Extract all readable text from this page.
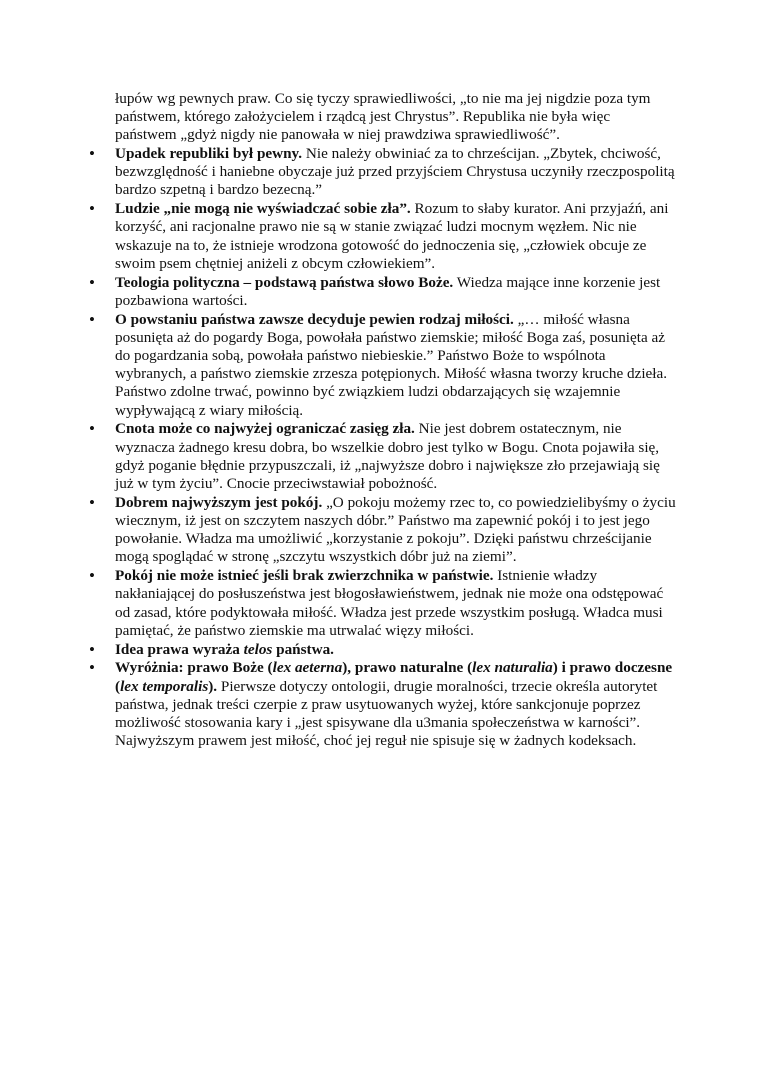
łupów wg pewnych praw. Co się tyczy sprawiedliwości, „to nie ma jej nigdzie poza tym państwem, którego założycielem i rządcą jest Chrystus”. Republika nie była więc państwem „gdyż nigdy nie panowała w niej prawdziwa sprawiedliwość”.

• Upadek republiki był pewny. Nie należy obwiniać za to chrześcijan. „Zbytek, chciwość, bezwzględność i haniebne obyczaje już przed przyjściem Chrystusa uczyniły rzeczpospolitą bardzo szpetną i bardzo bezecną.”
• Ludzie „nie mogą nie wyświadczać sobie zła”. Rozum to słaby kurator. Ani przyjaźń, ani korzyść, ani racjonalne prawo nie są w stanie związać ludzi mocnym węzłem. Nic nie wskazuje na to, że istnieje wrodzona gotowość do jednoczenia się, „człowiek obcuje ze swoim psem chętniej aniżeli z obcym człowiekiem”.
• Teologia polityczna – podstawą państwa słowo Boże. Wiedza mające inne korzenie jest pozbawiona wartości.
• O powstaniu państwa zawsze decyduje pewien rodzaj miłości. „… miłość własna posunięta aż do pogardy Boga, powołała państwo ziemskie; miłość Boga zaś, posunięta aż do pogardzania sobą, powołała państwo niebieskie.” Państwo Boże to wspólnota wybranych, a państwo ziemskie zrzesza potępionych. Miłość własna tworzy kruche dzieła. Państwo zdolne trwać, powinno być związkiem ludzi obdarzających się wzajemnie wypływającą z wiary miłością.
• Cnota może co najwyżej ograniczać zasięg zła. Nie jest dobrem ostatecznym, nie wyznacza żadnego kresu dobra, bo wszelkie dobro jest tylko w Bogu. Cnota pojawiła się, gdyż poganie błędnie przypuszczali, iż „najwyższe dobro i największe zło przejawiają się już w tym życiu”. Cnocie przeciwstawiał pobożność.
• Dobrem najwyższym jest pokój. „O pokoju możemy rzec to, co powiedzielibyśmy o życiu wiecznym, iż jest on szczytem naszych dóbr.” Państwo ma zapewnić pokój i to jest jego powołanie. Władza ma umożliwić „korzystanie z pokoju”. Dzięki państwu chrześcijanie mogą spoglądać w stronę „szczytu wszystkich dóbr już na ziemi”.
• Pokój nie może istnieć jeśli brak zwierzchnika w państwie. Istnienie władzy nakłaniającej do posłuszeństwa jest błogosławieństwem, jednak nie może ona odstępować od zasad, które podyktowała miłość. Władza jest przede wszystkim posługą. Władca musi pamiętać, że państwo ziemskie ma utrwalać więzy miłości.
• Idea prawa wyraża telos państwa.
• Wyróżnia: prawo Boże (lex aeterna), prawo naturalne (lex naturalia) i prawo doczesne (lex temporalis). Pierwsze dotyczy ontologii, drugie moralności, trzecie określa autorytet państwa, jednak treści czerpie z praw usytuowanych wyżej, które sankcjonuje poprzez możliwość stosowania kary i „jest spisywane dla u3mania społeczeństwa w karności”. Najwyższym prawem jest miłość, choć jej reguł nie spisuje się w żadnych kodeksach.
